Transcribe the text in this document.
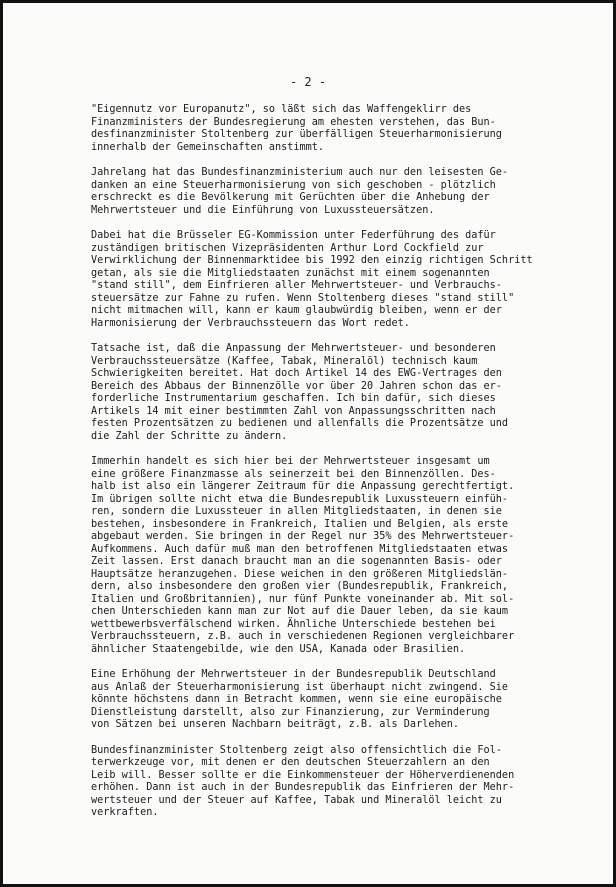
- 2 -

"Eigennutz vor Europanutz", so läßt sich das Waffengeklirr des
Finanzministers der Bundesregierung am ehesten verstehen, das Bun-
desfinanzminister Stoltenberg zur überfälligen Steuerharmonisierung
innerhalb der Gemeinschaften anstimmt.

Jahrelang hat das Bundesfinanzministerium auch nur den leisesten Ge-
danken an eine Steuerharmonisierung von sich geschoben - plötzlich
erschreckt es die Bevölkerung mit Gerüchten über die Anhebung der
Mehrwertsteuer und die Einführung von Luxussteuersätzen.

Dabei hat die Brüsseler EG-Kommission unter Federführung des dafür
zuständigen britischen Vizepräsidenten Arthur Lord Cockfield zur
Verwirklichung der Binnenmarktidee bis 1992 den einzig richtigen Schritt
getan, als sie die Mitgliedstaaten zunächst mit einem sogenannten
"stand still", dem Einfrieren aller Mehrwertsteuer- und Verbrauchs-
steuersätze zur Fahne zu rufen. Wenn Stoltenberg dieses "stand still"
nicht mitmachen will, kann er kaum glaubwürdig bleiben, wenn er der
Harmonisierung der Verbrauchssteuern das Wort redet.

Tatsache ist, daß die Anpassung der Mehrwertsteuer- und besonderen
Verbrauchssteuersätze (Kaffee, Tabak, Mineralöl) technisch kaum
Schwierigkeiten bereitet. Hat doch Artikel 14 des EWG-Vertrages den
Bereich des Abbaus der Binnenzölle vor über 20 Jahren schon das er-
forderliche Instrumentarium geschaffen. Ich bin dafür, sich dieses
Artikels 14 mit einer bestimmten Zahl von Anpassungsschritten nach
festen Prozentsätzen zu bedienen und allenfalls die Prozentsätze und
die Zahl der Schritte zu ändern.

Immerhin handelt es sich hier bei der Mehrwertsteuer insgesamt um
eine größere Finanzmasse als seinerzeit bei den Binnenzöllen. Des-
halb ist also ein längerer Zeitraum für die Anpassung gerechtfertigt.
Im übrigen sollte nicht etwa die Bundesrepublik Luxussteuern einfüh-
ren, sondern die Luxussteuer in allen Mitgliedstaaten, in denen sie
bestehen, insbesondere in Frankreich, Italien und Belgien, als erste
abgebaut werden. Sie bringen in der Regel nur 35% des Mehrwertsteuer-
Aufkommens. Auch dafür muß man den betroffenen Mitgliedstaaten etwas
Zeit lassen. Erst danach braucht man an die sogenannten Basis- oder
Hauptsätze heranzugehen. Diese weichen in den größeren Mitgliedslän-
dern, also insbesondere den großen vier (Bundesrepublik, Frankreich,
Italien und Großbritannien), nur fünf Punkte voneinander ab. Mit sol-
chen Unterschieden kann man zur Not auf die Dauer leben, da sie kaum
wettbewerbsverfälschend wirken. Ähnliche Unterschiede bestehen bei
Verbrauchssteuern, z.B. auch in verschiedenen Regionen vergleichbarer
ähnlicher Staatengebilde, wie den USA, Kanada oder Brasilien.

Eine Erhöhung der Mehrwertsteuer in der Bundesrepublik Deutschland
aus Anlaß der Steuerharmonisierung ist überhaupt nicht zwingend. Sie
könnte höchstens dann in Betracht kommen, wenn sie eine europäische
Dienstleistung darstellt, also zur Finanzierung, zur Verminderung
von Sätzen bei unseren Nachbarn beiträgt, z.B. als Darlehen.

Bundesfinanzminister Stoltenberg zeigt also offensichtlich die Fol-
terwerkzeuge vor, mit denen er den deutschen Steuerzahlern an den
Leib will. Besser sollte er die Einkommensteuer der Höherverdienenden
erhöhen. Dann ist auch in der Bundesrepublik das Einfrieren der Mehr-
wertsteuer und der Steuer auf Kaffee, Tabak und Mineralöl leicht zu
verkraften.
